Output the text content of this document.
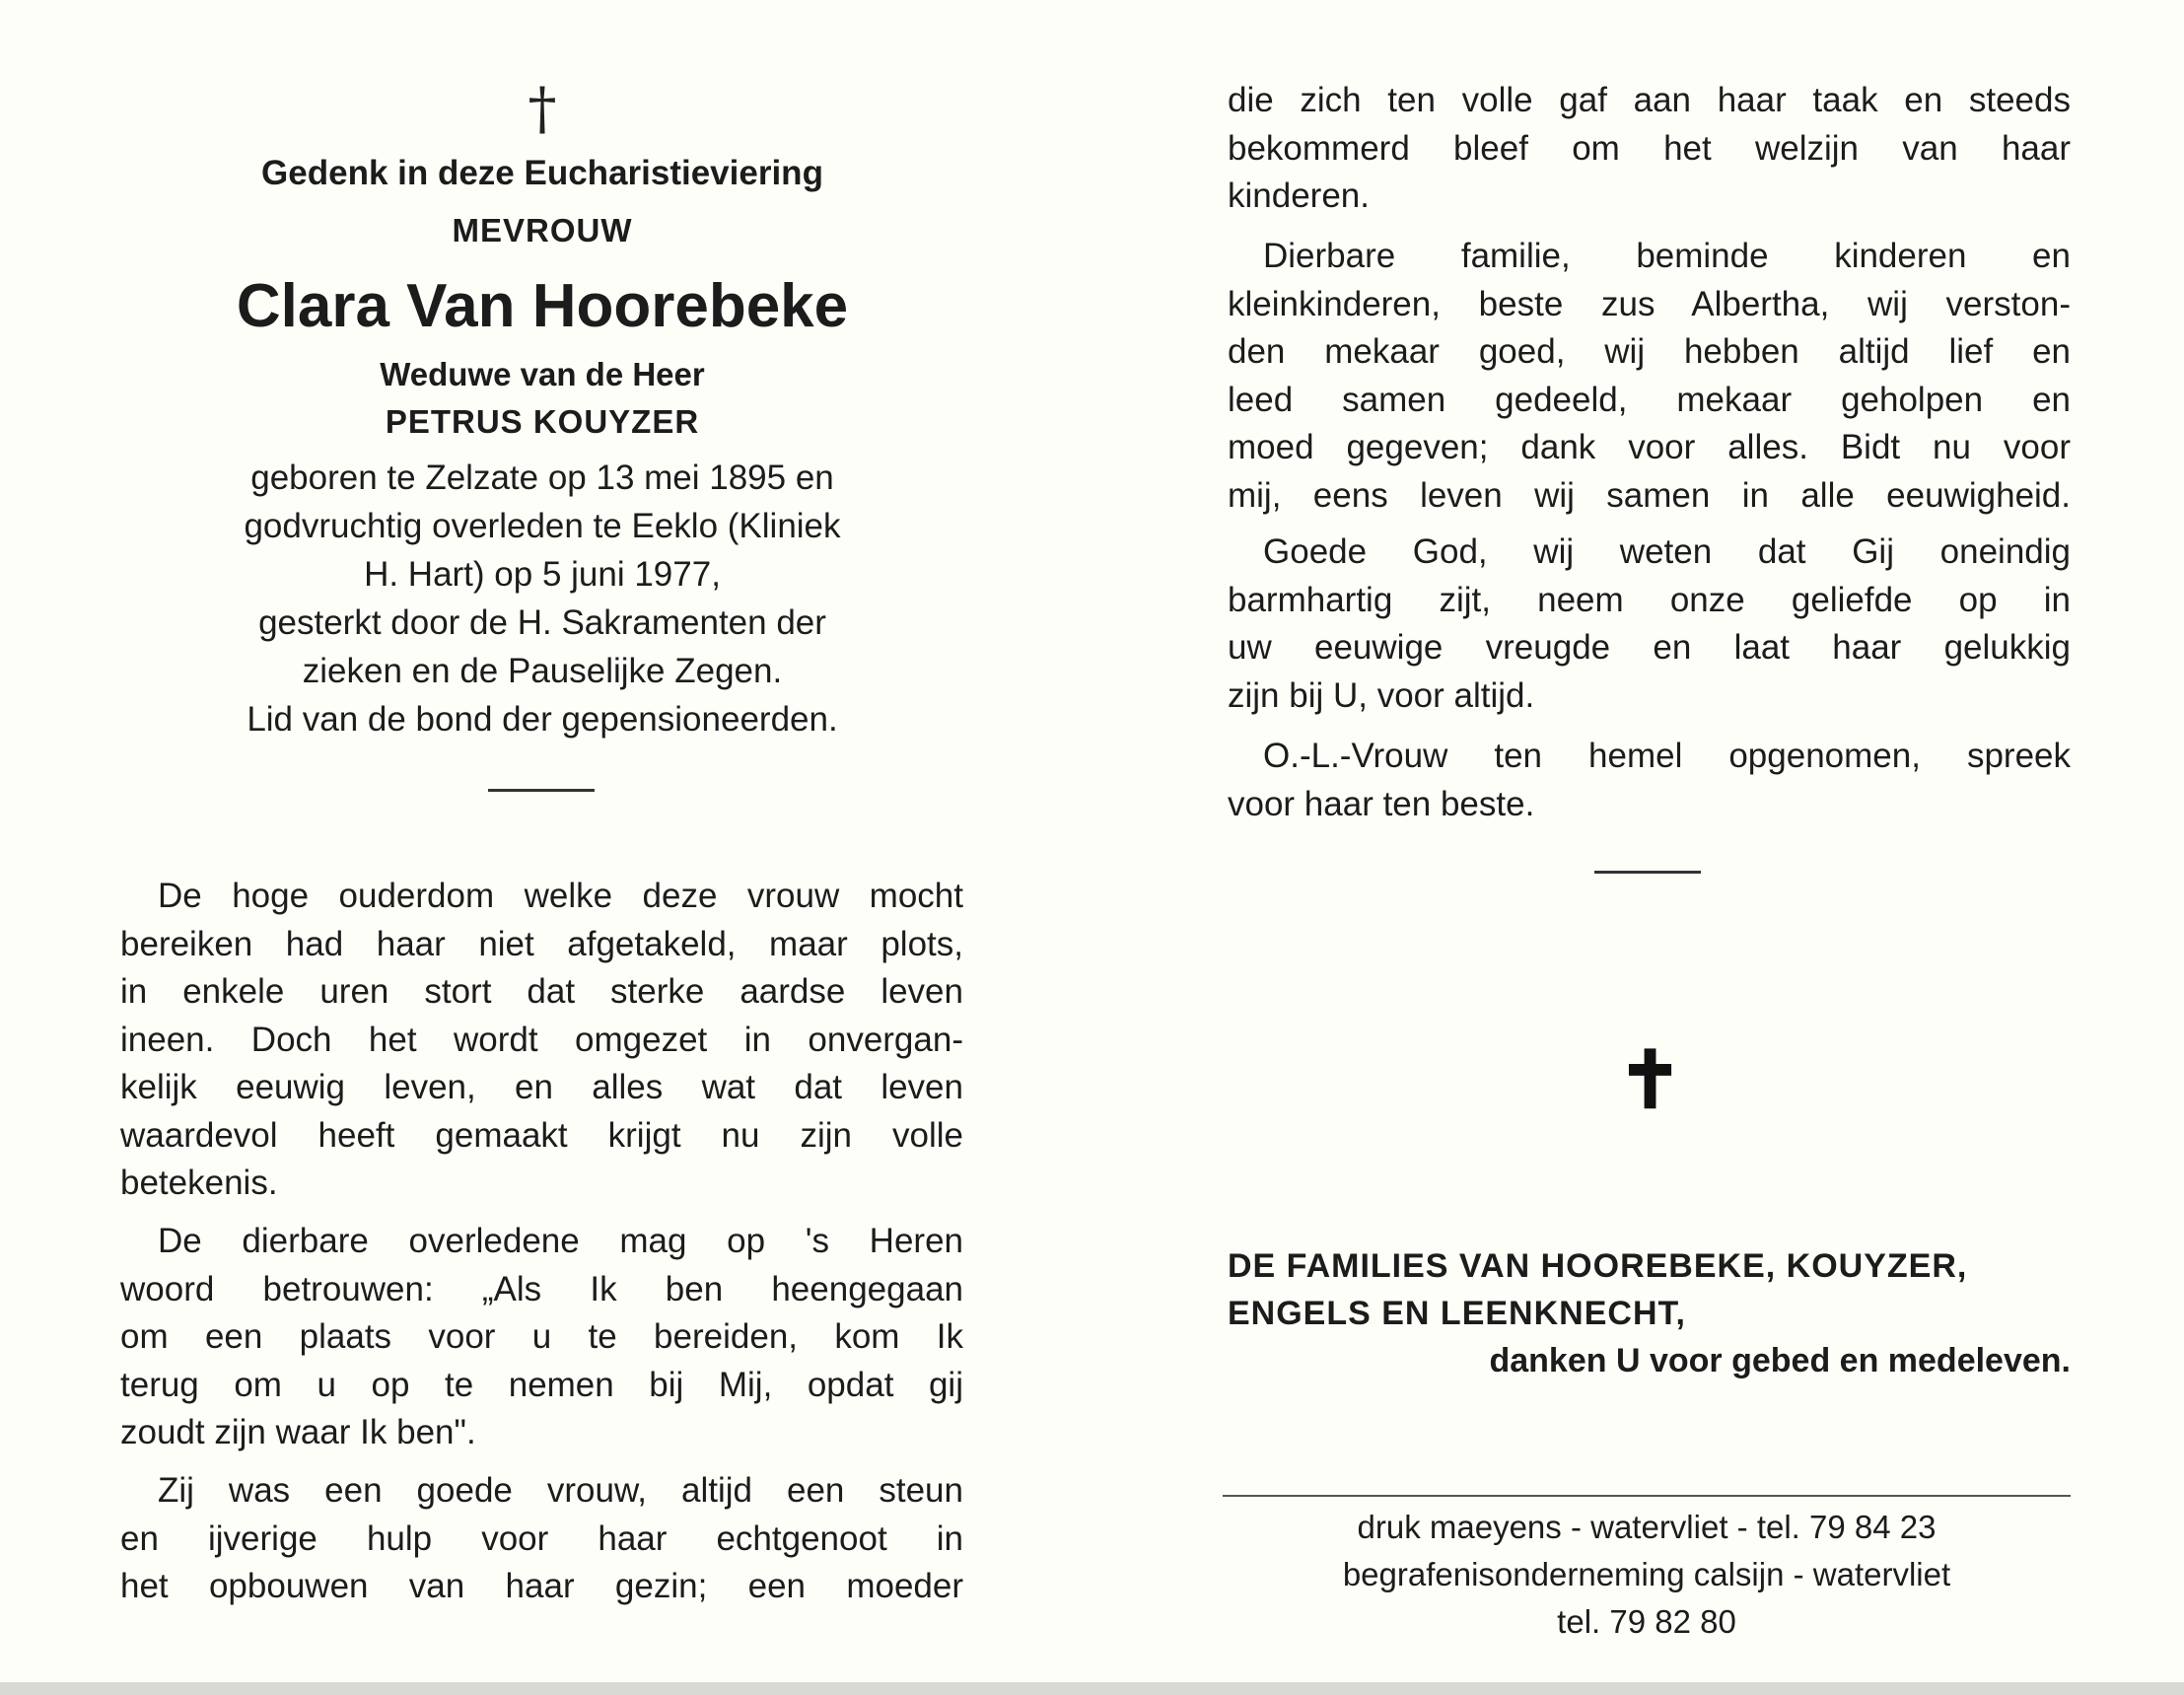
†
Gedenk in deze Eucharistieviering
MEVROUW
Clara Van Hoorebeke
Weduwe van de Heer
PETRUS KOUYZER
geboren te Zelzate op 13 mei 1895 en
godvruchtig overleden te Eeklo (Kliniek
H. Hart) op 5 juni 1977,
gesterkt door de H. Sakramenten der
zieken en de Pauselijke Zegen.
Lid van de bond der gepensioneerden.
De hoge ouderdom welke deze vrouw mocht
bereiken had haar niet afgetakeld, maar plots,
in enkele uren stort dat sterke aardse leven
ineen. Doch het wordt omgezet in onvergan-
kelijk eeuwig leven, en alles wat dat leven
waardevol heeft gemaakt krijgt nu zijn volle
betekenis.
De dierbare overledene mag op 's Heren
woord betrouwen: „Als Ik ben heengegaan
om een plaats voor u te bereiden, kom Ik
terug om u op te nemen bij Mij, opdat gij
zoudt zijn waar Ik ben".
Zij was een goede vrouw, altijd een steun
en ijverige hulp voor haar echtgenoot in
het opbouwen van haar gezin; een moeder
die zich ten volle gaf aan haar taak en steeds
bekommerd bleef om het welzijn van haar
kinderen.
Dierbare familie, beminde kinderen en
kleinkinderen, beste zus Albertha, wij verston-
den mekaar goed, wij hebben altijd lief en
leed samen gedeeld, mekaar geholpen en
moed gegeven; dank voor alles. Bidt nu voor
mij, eens leven wij samen in alle eeuwigheid.
Goede God, wij weten dat Gij oneindig
barmhartig zijt, neem onze geliefde op in
uw eeuwige vreugde en laat haar gelukkig
zijn bij U, voor altijd.
O.-L.-Vrouw ten hemel opgenomen, spreek
voor haar ten beste.
✝
DE FAMILIES VAN HOOREBEKE, KOUYZER,
ENGELS EN LEENKNECHT,
danken U voor gebed en medeleven.
druk maeyens - watervliet - tel. 79 84 23
begrafenisonderneming calsijn - watervliet
tel. 79 82 80
